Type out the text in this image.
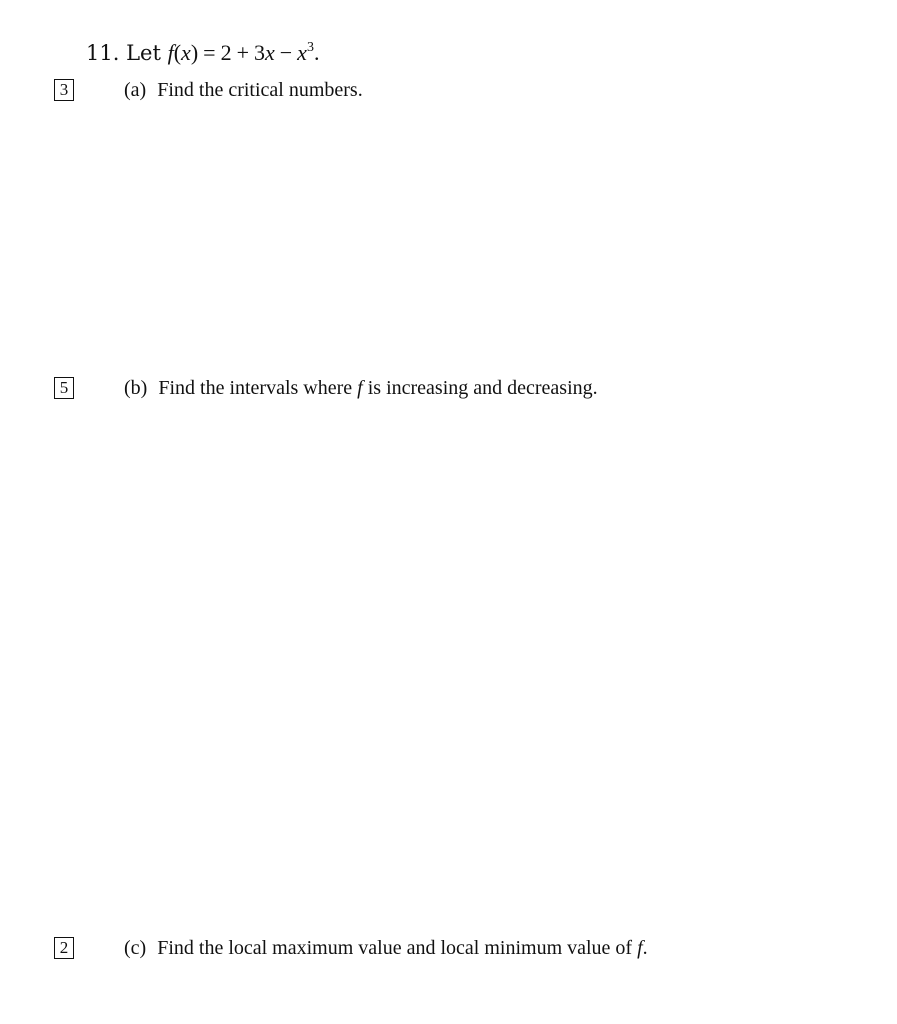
11. Let $f(x) = 2 + 3x - x^3$.
3	(a) Find the critical numbers.
5	(b) Find the intervals where f is increasing and decreasing.
2	(c) Find the local maximum value and local minimum value of f.
